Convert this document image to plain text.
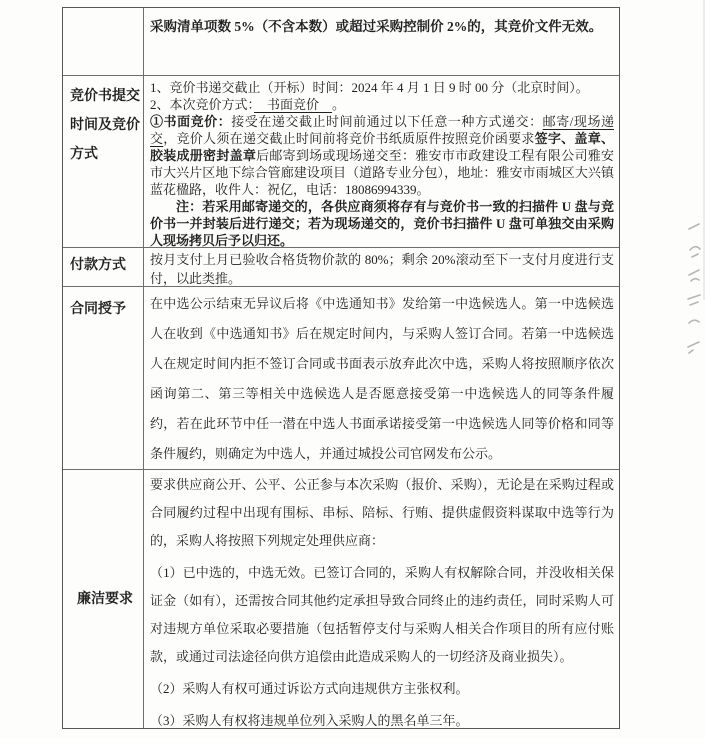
采购清单项数 5%（不含本数）或超过采购控制价 2%的，其竞价文件无效。

竞价书提交时间及竞价方式

1、竞价书递交截止（开标）时间：2024 年 4 月 1 日 9 时 00 分（北京时间）。

2、本次竞价方式：　书面竞价　。

①书面竞价：接受在递交截止时间前通过以下任意一种方式递交：邮寄/现场递交，竞价人须在递交截止时间前将竞价书纸质原件按照竞价函要求签字、盖章、胶装成册密封盖章后邮寄到场或现场递交至：雅安市市政建设工程有限公司雅安市大兴片区地下综合管廊建设项目（道路专业分包），地址：雅安市雨城区大兴镇蓝花楹路，收件人：祝亿，电话：18086994339。

注：若采用邮寄递交的，各供应商须将存有与竞价书一致的扫描件 U 盘与竞价书一并封装后进行递交；若为现场递交的，竞价书扫描件 U 盘可单独交由采购人现场拷贝后予以归还。

付款方式	按月支付上月已验收合格货物价款的 80%；剩余 20%滚动至下一支付月度进行支付，以此类推。

合同授予	在中选公示结束无异议后将《中选通知书》发给第一中选候选人。第一中选候选人在收到《中选通知书》后在规定时间内，与采购人签订合同。若第一中选候选人在规定时间内拒不签订合同或书面表示放弃此次中选，采购人将按照顺序依次函询第二、第三等相关中选候选人是否愿意接受第一中选候选人的同等条件履约，若在此环节中任一潜在中选人书面承诺接受第一中选候选人同等价格和同等条件履约，则确定为中选人，并通过城投公司官网发布公示。

廉洁要求

要求供应商公开、公平、公正参与本次采购（报价、采购），无论是在采购过程或合同履约过程中出现有围标、串标、陪标、行贿、提供虚假资料谋取中选等行为的，采购人将按照下列规定处理供应商：

（1）已中选的，中选无效。已签订合同的，采购人有权解除合同，并没收相关保证金（如有），还需按合同其他约定承担导致合同终止的违约责任，同时采购人可对违规方单位采取必要措施（包括暂停支付与采购人相关合作项目的所有应付账款，或通过司法途径向供方追偿由此造成采购人的一切经济及商业损失）。

（2）采购人有权可通过诉讼方式向违规供方主张权利。

（3）采购人有权将违规单位列入采购人的黑名单三年。
